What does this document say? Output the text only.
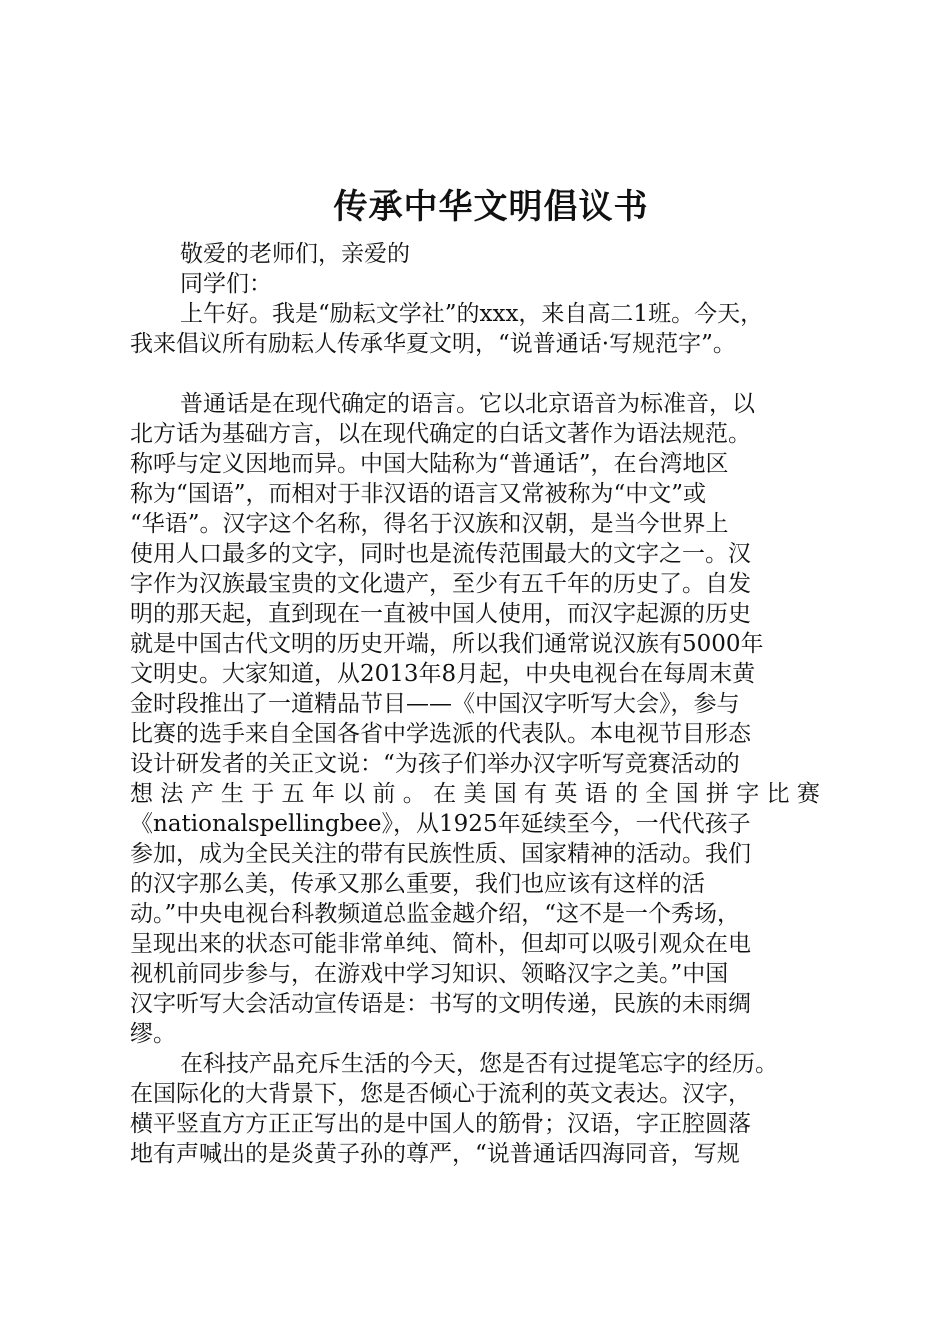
传承中华文明倡议书

敬爱的老师们，亲爱的

同学们：

上午好。我是“励耘文学社”的xxx，来自高二1班。今天，

我来倡议所有励耘人传承华夏文明，“说普通话·写规范字”。

普通话是在现代确定的语言。它以北京语音为标准音，以

北方话为基础方言，以在现代确定的白话文著作为语法规范。

称呼与定义因地而异。中国大陆称为“普通话”，在台湾地区

称为“国语”，而相对于非汉语的语言又常被称为“中文”或

“华语”。汉字这个名称，得名于汉族和汉朝，是当今世界上

使用人口最多的文字，同时也是流传范围最大的文字之一。汉

字作为汉族最宝贵的文化遗产，至少有五千年的历史了。自发

明的那天起，直到现在一直被中国人使用，而汉字起源的历史

就是中国古代文明的历史开端，所以我们通常说汉族有5000年

文明史。大家知道，从2013年8月起，中央电视台在每周末黄

金时段推出了一道精品节目——《中国汉字听写大会》，参与

比赛的选手来自全国各省中学选派的代表队。本电视节目形态

设计研发者的关正文说：“为孩子们举办汉字听写竞赛活动的

想 法 产 生 于 五 年 以 前 。 在 美 国 有 英 语 的 全 国 拼 字 比 赛

《nationalspellingbee》，从1925年延续至今，一代代孩子

参加，成为全民关注的带有民族性质、国家精神的活动。我们

的汉字那么美，传承又那么重要，我们也应该有这样的活

动。”中央电视台科教频道总监金越介绍，“这不是一个秀场，

呈现出来的状态可能非常单纯、简朴，但却可以吸引观众在电

视机前同步参与，在游戏中学习知识、领略汉字之美。”中国

汉字听写大会活动宣传语是：书写的文明传递，民族的未雨绸

缪。

在科技产品充斥生活的今天，您是否有过提笔忘字的经历。

在国际化的大背景下，您是否倾心于流利的英文表达。汉字，

横平竖直方方正正写出的是中国人的筋骨；汉语，字正腔圆落

地有声喊出的是炎黄子孙的尊严，“说普通话四海同音，写规
